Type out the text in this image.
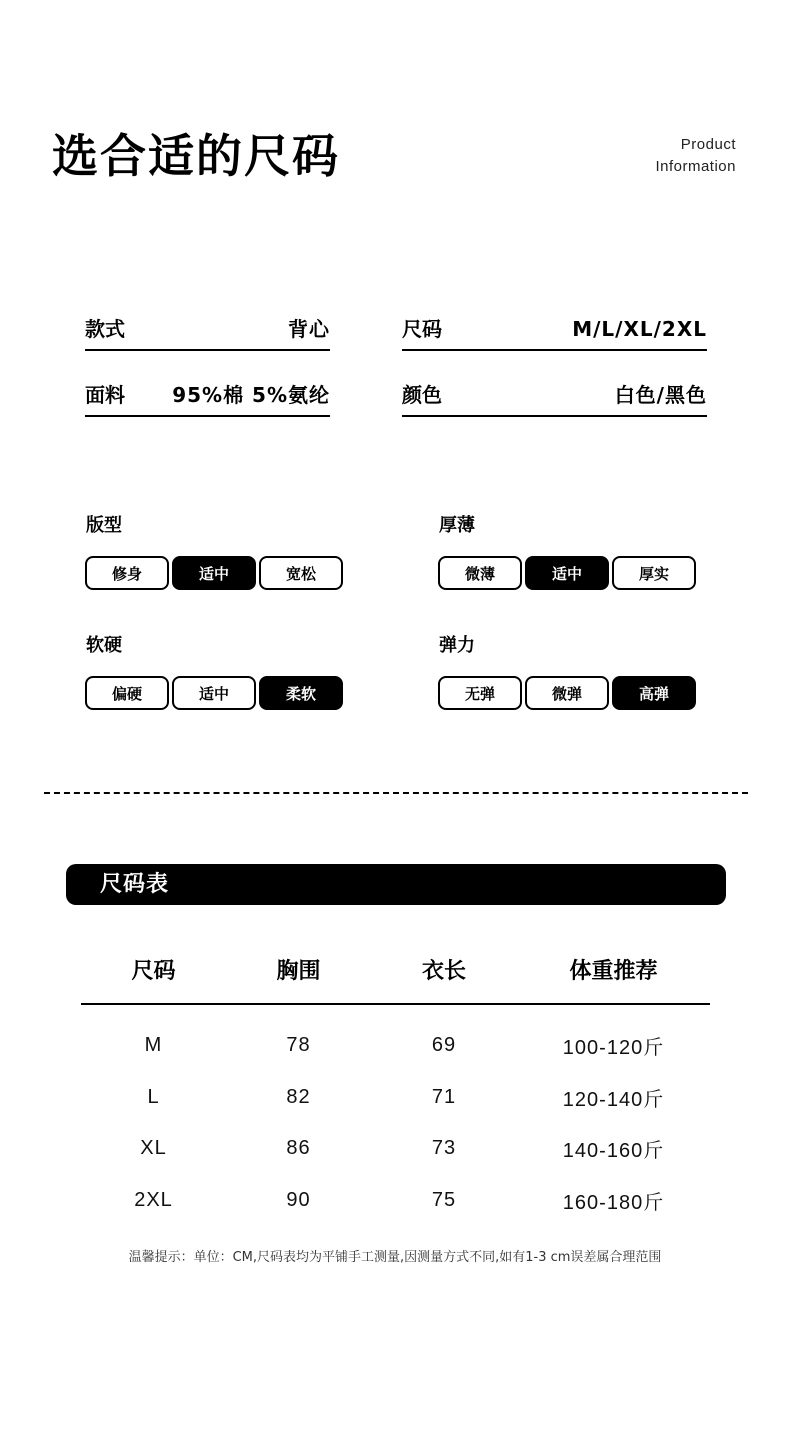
选合适的尺码	Product
Information
款式	背心	尺码	M/L/XL/2XL
面料 95%棉 5%氨纶	颜色	白色/黑色
版型
修身	适中	宽松
厚薄
微薄	适中	厚实
软硬
偏硬	适中	柔软
弹力
无弹	微弹	高弹
尺码表
尺码	胸围	衣长	体重推荐
M	78	69	100-120斤
L	82	71	120-140斤
XL	86	73	140-160斤
2XL	90	75	160-180斤
温馨提示：单位：CM,尺码表均为平铺手工测量,因测量方式不同,如有1-3 cm误差属合理范围
